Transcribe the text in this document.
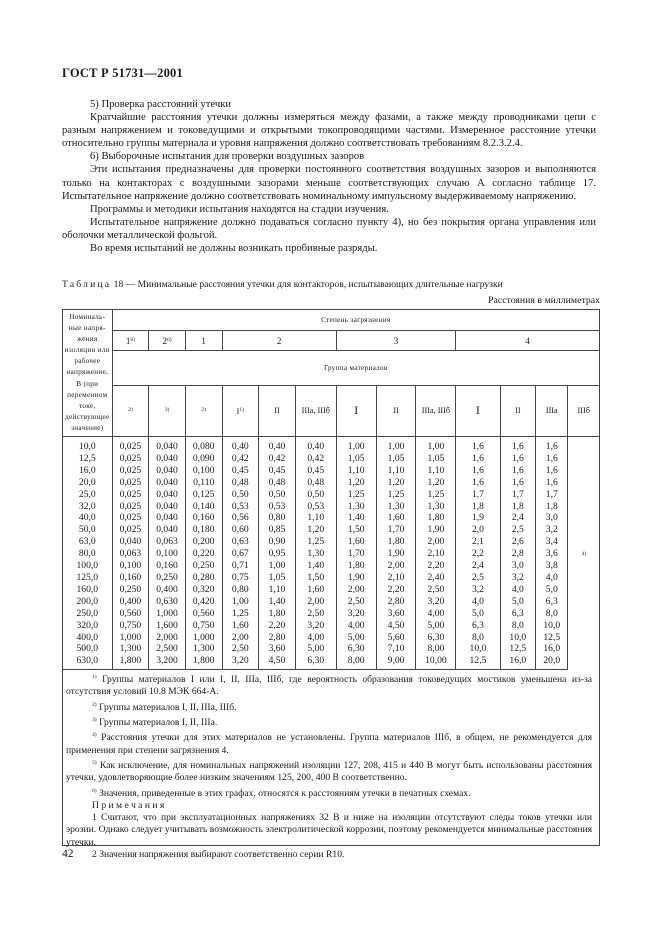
ГОСТ Р 51731—2001

5) Проверка расстояний утечки

Кратчайшие расстояния утечки должны измеряться между фазами, а также между проводниками цепи с разным напряжением и токоведущими и открытыми токопроводящими частями. Измеренное расстояние утечки относительно группы материала и уровня напряжения должно соответствовать требованиям 8.2.3.2.4.

6) Выборочные испытания для проверки воздушных зазоров

Эти испытания предназначены для проверки постоянного соответствия воздушных зазоров и выполняются только на контакторах с воздушными зазорами меньше соответствующих случаю А согласно таблице 17. Испытательное напряжение должно соответствовать номинальному импульсному выдерживаемому напряжению.

Программы и методики испытания находятся на стадии изучения.

Испытательное напряжение должно подаваться согласно пункту 4), но без покрытия органа управления или оболочки металлической фольгой.

Во время испытаний не должны возникать пробивные разряды.

Таблица 18 — Минимальные расстояния утечки для контакторов, испытывающих длительные нагрузки
Расстояния в миллиметрах
Номиналь-ные напря-жения изоляции или рабочее напряжение, В (при переменном токе, действующее значение)	Степень загрязнения												
	1$^{6)}$	2$^{6)}$	1	2			3			4			
	Группа материалов												
	$^{2)}$	$^{3)}$	$^{2)}$	$I^{1)}$	II	IIIа, IIIб	I	II	IIIа, IIIб	I	II	IIIа	IIIб
10,0	0,025	0,040	0,080	0,40	0,40	0,40	1,00	1,00	1,00	1,6	1,6	1,6	$^{4)}$
12,5	0,025	0,040	0,090	0,42	0,42	0,42	1,05	1,05	1,05	1,6	1,6	1,6	
16,0	0,025	0,040	0,100	0,45	0,45	0,45	1,10	1,10	1,10	1,6	1,6	1,6	
20,0	0,025	0,040	0,110	0,48	0,48	0,48	1,20	1,20	1,20	1,6	1,6	1,6	
25,0	0,025	0,040	0,125	0,50	0,50	0,50	1,25	1,25	1,25	1,7	1,7	1,7	
32,0	0,025	0,040	0,140	0,53	0,53	0,53	1,30	1,30	1,30	1,8	1,8	1,8	
40,0	0,025	0,040	0,160	0,56	0,80	1,10	1,40	1,60	1,80	1,9	2,4	3,0	
50,0	0,025	0,040	0,180	0,60	0,85	1,20	1,50	1,70	1,90	2,0	2,5	3,2	
63,0	0,040	0,063	0,200	0,63	0,90	1,25	1,60	1,80	2,00	2,1	2,6	3,4	
80,0	0,063	0,100	0,220	0,67	0,95	1,30	1,70	1,90	2,10	2,2	2,8	3,6	
100,0	0,100	0,160	0,250	0,71	1,00	1,40	1,80	2,00	2,20	2,4	3,0	3,8	
125,0	0,160	0,250	0,280	0,75	1,05	1,50	1,90	2,10	2,40	2,5	3,2	4,0	
160,0	0,250	0,400	0,320	0,80	1,10	1,60	2,00	2,20	2,50	3,2	4,0	5,0	
200,0	0,400	0,630	0,420	1,00	1,40	2,00	2,50	2,80	3,20	4,0	5,0	6,3	
250,0	0,560	1,000	0,560	1,25	1,80	2,50	3,20	3,60	4,00	5,0	6,3	8,0	
320,0	0,750	1,600	0,750	1,60	2,20	3,20	4,00	4,50	5,00	6,3	8,0	10,0	
400,0	1,000	2,000	1,000	2,00	2,80	4,00	5,00	5,60	6,30	8,0	10,0	12,5	
500,0	1,300	2,500	1,300	2,50	3,60	5,00	6,30	7,10	8,00	10,0	12,5	16,0	
630,0	1,800	3,200	1,800	3,20	4,50	6,30	8,00	9,00	10,00	12,5	16,0	20,0	

$^{1)}$ Группы материалов I или I, II, IIIа, IIIб, где вероятность образования токоведущих мостиков уменьшена из-за отсутствия условий 10.8 МЭК 664-А.

$^{2)}$ Группы материалов I, II, IIIа, IIIб.

$^{3)}$ Группы материалов I, II, IIIа.

$^{4)}$ Расстояния утечки для этих материалов не установлены. Группа материалов IIIб, в общем, не рекомендуется для применения при степени загрязнения 4.

$^{5)}$ Как исключение, для номинальных напряжений изоляции 127, 208, 415 и 440 В могут быть использованы расстояния утечки, удовлетворяющие более низким значениям 125, 200, 400 В соответственно.

$^{6)}$ Значения, приведенные в этих графах, относятся к расстояниям утечки в печатных схемах.

Примечания

1 Считают, что при эксплуатационных напряжениях 32 В и ниже на изоляции отсутствуют следы токов утечки или эрозии. Однако следует учитывать возможность электролитической коррозии, поэтому рекомендуется минимальные расстояния утечки.

2 Значения напряжения выбирают соответственно серии R10.

42
